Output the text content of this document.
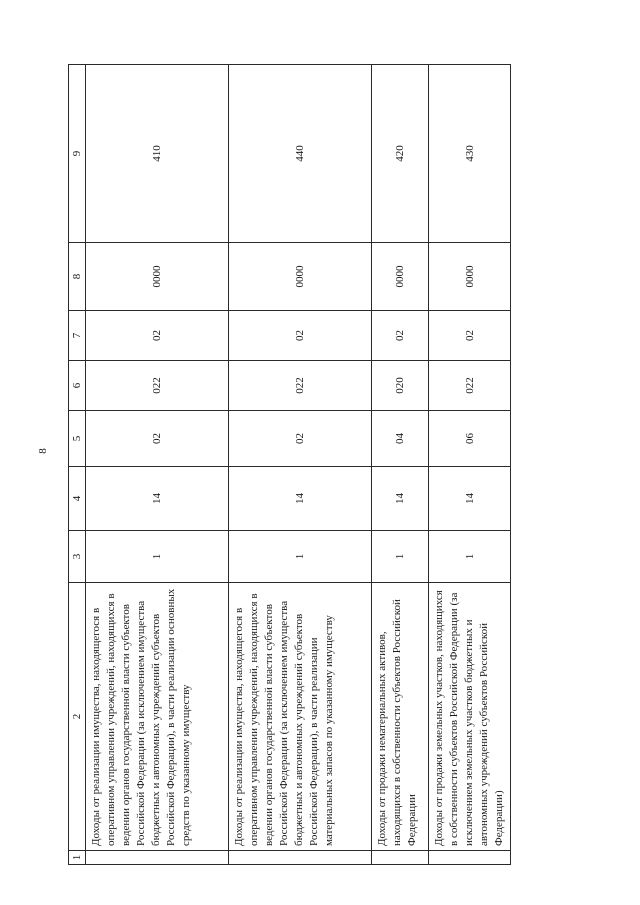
8
1	2	3	4	5	6	7	8	9
	Доходы от реализации имущества, находящегося в оперативном управлении учреждений, находящихся в ведении органов государственной власти субъектов Российской Федерации (за исключением имущества бюджетных и автономных учреждений субъектов Российской Федерации), в части реализации основных средств по указанному имуществу	1	14	02	022	02	0000	410
	Доходы от реализации имущества, находящегося в оперативном управлении учреждений, находящихся в ведении органов государственной власти субъектов Российской Федерации (за исключением имущества бюджетных и автономных учреждений субъектов Российской Федерации), в части реализации материальных запасов по указанному имуществу	1	14	02	022	02	0000	440
	Доходы от продажи нематериальных активов, находящихся в собственности субъектов Российской Федерации	1	14	04	020	02	0000	420
	Доходы от продажи земельных участков, находящихся в собственности субъектов Российской Федерации (за исключением земельных участков бюджетных и автономных учреждений субъектов Российской Федерации)	1	14	06	022	02	0000	430
